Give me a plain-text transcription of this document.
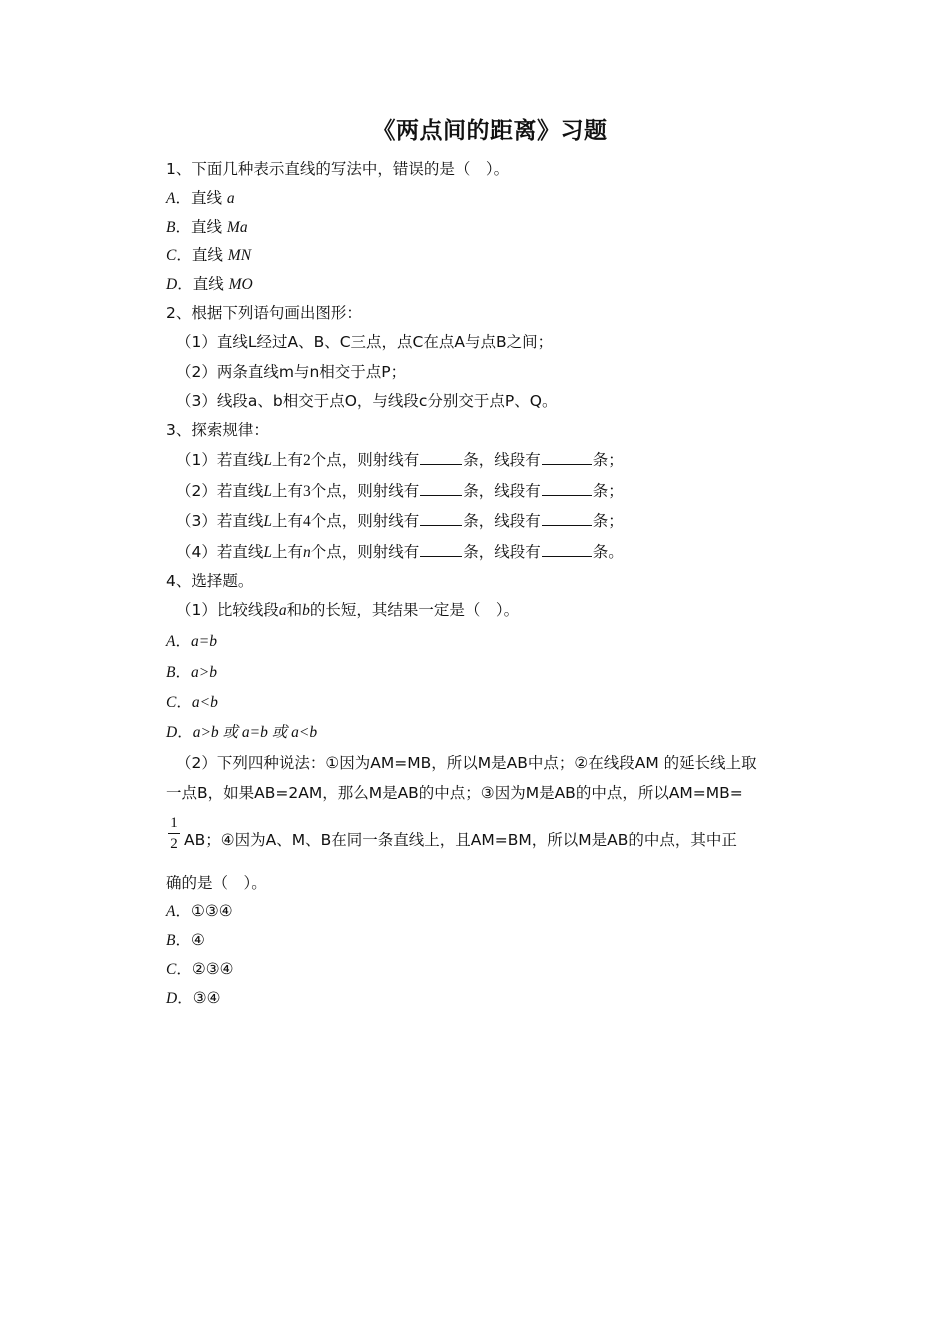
《两点间的距离》习题
1、下面几种表示直线的写法中，错误的是（　）。
A．直线 a
B．直线 Ma
C．直线 MN
D．直线 MO
2、根据下列语句画出图形：
（1）直线L经过A、B、C三点，点C在点A与点B之间；
（2）两条直线m与n相交于点P；
（3）线段a、b相交于点O，与线段c分别交于点P、Q。
3、探索规律：
（1）若直线L上有2个点，则射线有	条，线段有	条；
（2）若直线L上有3个点，则射线有	条，线段有	条；
（3）若直线L上有4个点，则射线有	条，线段有	条；
（4）若直线L上有n个点，则射线有	条，线段有	条。
4、选择题。
（1）比较线段a和b的长短，其结果一定是（　）。
A．a=b
B．a>b
C．a<b
D．a>b 或 a=b 或 a<b
（2）下列四种说法：①因为AM=MB，所以M是AB中点；②在线段AM 的延长线上取
一点B，如果AB=2AM，那么M是AB的中点；③因为M是AB的中点，所以AM=MB=
1
2 AB；④因为A、M、B在同一条直线上，且AM=BM，所以M是AB的中点，其中正
确的是（　）。
A．①③④
B．④
C．②③④
D．③④
